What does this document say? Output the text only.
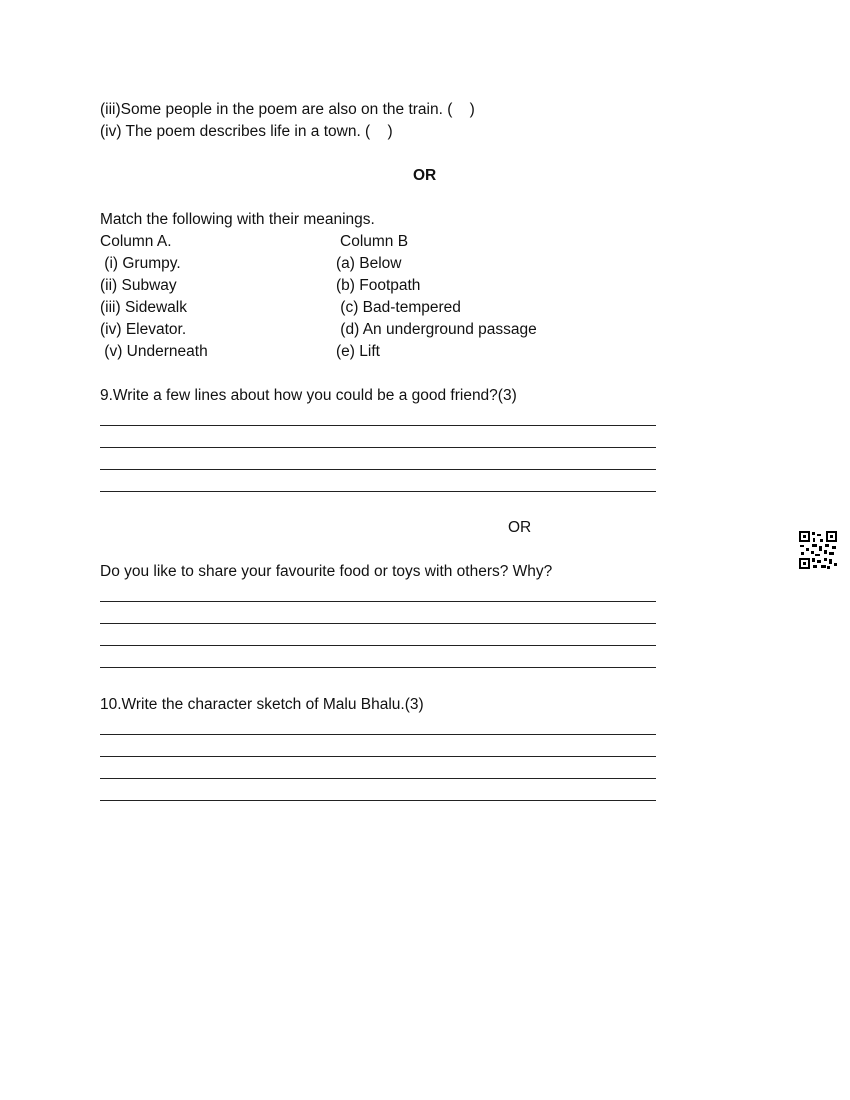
(iii)Some people in the poem are also on the train. (    )
(iv) The poem describes life in a town. (    )
OR
Match the following with their meanings.
Column A.	Column B
(i) Grumpy.	(a) Below
(ii) Subway	(b) Footpath
(iii) Sidewalk	(c) Bad-tempered
(iv) Elevator.	(d) An underground passage
(v) Underneath	(e) Lift
9.Write a few lines about how you could be a good friend?(3)
OR
Do you like to share your favourite food or toys with others? Why?
10.Write the character sketch of Malu Bhalu.(3)
